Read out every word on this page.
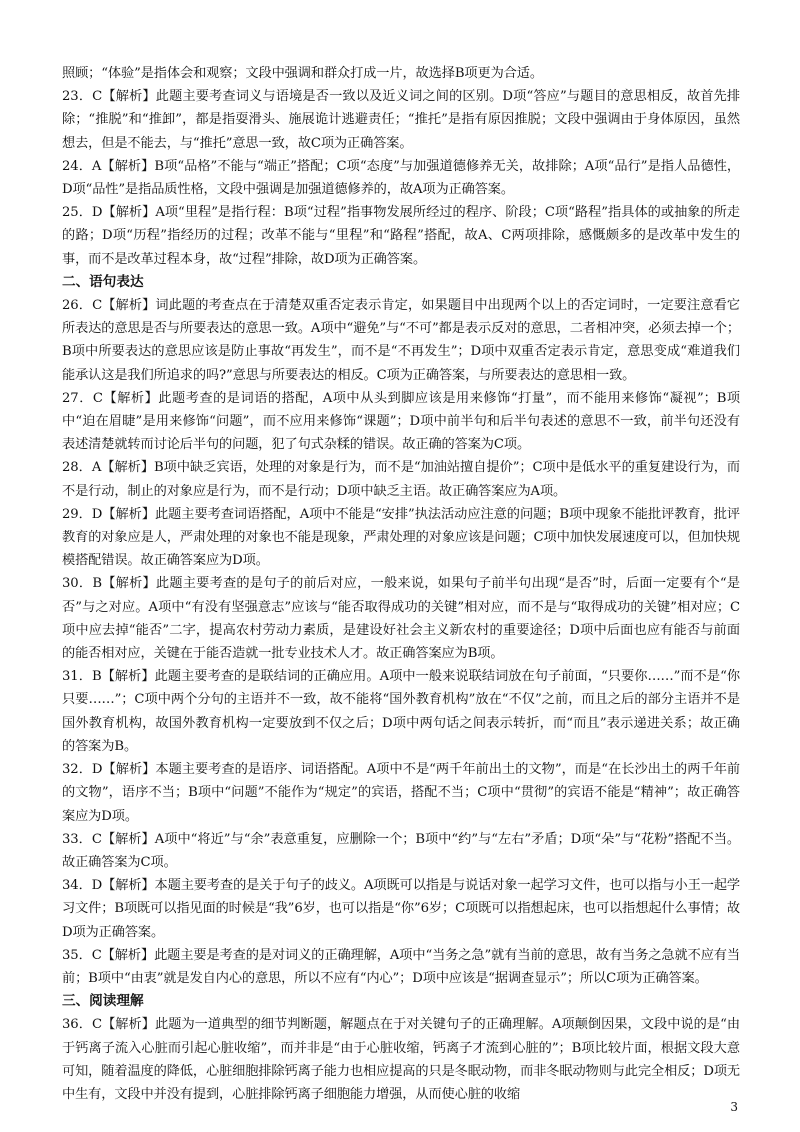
照顾；“体验”是指体会和观察；文段中强调和群众打成一片，故选择B项更为合适。

23．C【解析】此题主要考查词义与语境是否一致以及近义词之间的区别。D项“答应”与题目的意思相反，故首先排除；“推脱”和“推卸”，都是指耍滑头、施展诡计逃避责任；“推托”是指有原因推脱；文段中强调由于身体原因，虽然想去，但是不能去，与“推托”意思一致，故C项为正确答案。

24．A【解析】B项“品格”不能与“端正”搭配；C项“态度”与加强道德修养无关，故排除；A项“品行”是指人品德性，D项“品性”是指品质性格，文段中强调是加强道德修养的，故A项为正确答案。

25．D【解析】A项“里程”是指行程：B项“过程”指事物发展所经过的程序、阶段；C项“路程”指具体的或抽象的所走的路；D项“历程”指经历的过程；改革不能与“里程”和“路程”搭配，故A、C两项排除，感慨颇多的是改革中发生的事，而不是改革过程本身，故“过程”排除，故D项为正确答案。

二、语句表达

26．C【解析】词此题的考查点在于清楚双重否定表示肯定，如果题目中出现两个以上的否定词时，一定要注意看它所表达的意思是否与所要表达的意思一致。A项中“避免”与“不可”都是表示反对的意思，二者相冲突，必须去掉一个；B项中所要表达的意思应该是防止事故“再发生”，而不是“不再发生”；D项中双重否定表示肯定，意思变成“难道我们能承认这是我们所追求的吗?”意思与所要表达的相反。C项为正确答案，与所要表达的意思相一致。

27．C【解析】此题考查的是词语的搭配，A项中从头到脚应该是用来修饰“打量”，而不能用来修饰“凝视”；B项中“迫在眉睫”是用来修饰“问题”，而不应用来修饰“课题”；D项中前半句和后半句表述的意思不一致，前半句还没有表述清楚就转而讨论后半句的问题，犯了句式杂糅的错误。故正确的答案为C项。

28．A【解析】B项中缺乏宾语，处理的对象是行为，而不是“加油站擅自提价”；C项中是低水平的重复建设行为，而不是行动，制止的对象应是行为，而不是行动；D项中缺乏主语。故正确答案应为A项。

29．D【解析】此题主要考查词语搭配，A项中不能是“安排”执法活动应注意的问题；B项中现象不能批评教育，批评教育的对象应是人，严肃处理的对象也不能是现象，严肃处理的对象应该是问题；C项中加快发展速度可以，但加快规模搭配错误。故正确答案应为D项。

30．B【解析】此题主要考查的是句子的前后对应，一般来说，如果句子前半句出现“是否”时，后面一定要有个“是否”与之对应。A项中“有没有坚强意志”应该与“能否取得成功的关键”相对应，而不是与“取得成功的关键”相对应；C项中应去掉“能否”二字，提高农村劳动力素质，是建设好社会主义新农村的重要途径；D项中后面也应有能否与前面的能否相对应，关键在于能否造就一批专业技术人才。故正确答案应为B项。

31．B【解析】此题主要考查的是联结词的正确应用。A项中一般来说联结词放在句子前面，“只要你……”而不是“你只要……”；C项中两个分句的主语并不一致，故不能将“国外教育机构”放在“不仅”之前，而且之后的部分主语并不是国外教育机构，故国外教育机构一定要放到不仅之后；D项中两句话之间表示转折，而“而且”表示递进关系；故正确的答案为B。

32．D【解析】本题主要考查的是语序、词语搭配。A项中不是“两千年前出土的文物”，而是“在长沙出土的两千年前的文物”，语序不当；B项中“问题”不能作为“规定”的宾语，搭配不当；C项中“贯彻”的宾语不能是“精神”；故正确答案应为D项。

33．C【解析】A项中“将近”与“余”表意重复，应删除一个；B项中“约”与“左右”矛盾；D项“朵”与“花粉”搭配不当。故正确答案为C项。

34．D【解析】本题主要考查的是关于句子的歧义。A项既可以指是与说话对象一起学习文件，也可以指与小王一起学习文件；B项既可以指见面的时候是“我”6岁，也可以指是“你”6岁；C项既可以指想起床，也可以指想起什么事情；故D项为正确答案。

35．C【解析】此题主要是考查的是对词义的正确理解，A项中“当务之急”就有当前的意思，故有当务之急就不应有当前；B项中“由衷”就是发自内心的意思，所以不应有“内心”；D项中应该是“据调查显示”；所以C项为正确答案。

三、阅读理解

36．C【解析】此题为一道典型的细节判断题，解题点在于对关键句子的正确理解。A项颠倒因果，文段中说的是“由于钙离子流入心脏而引起心脏收缩”，而并非是“由于心脏收缩，钙离子才流到心脏的”；B项比较片面，根据文段大意可知，随着温度的降低，心脏细胞排除钙离子能力也相应提高的只是冬眠动物，而非冬眠动物则与此完全相反；D项无中生有，文段中并没有提到，心脏排除钙离子细胞能力增强，从而使心脏的收缩

3
